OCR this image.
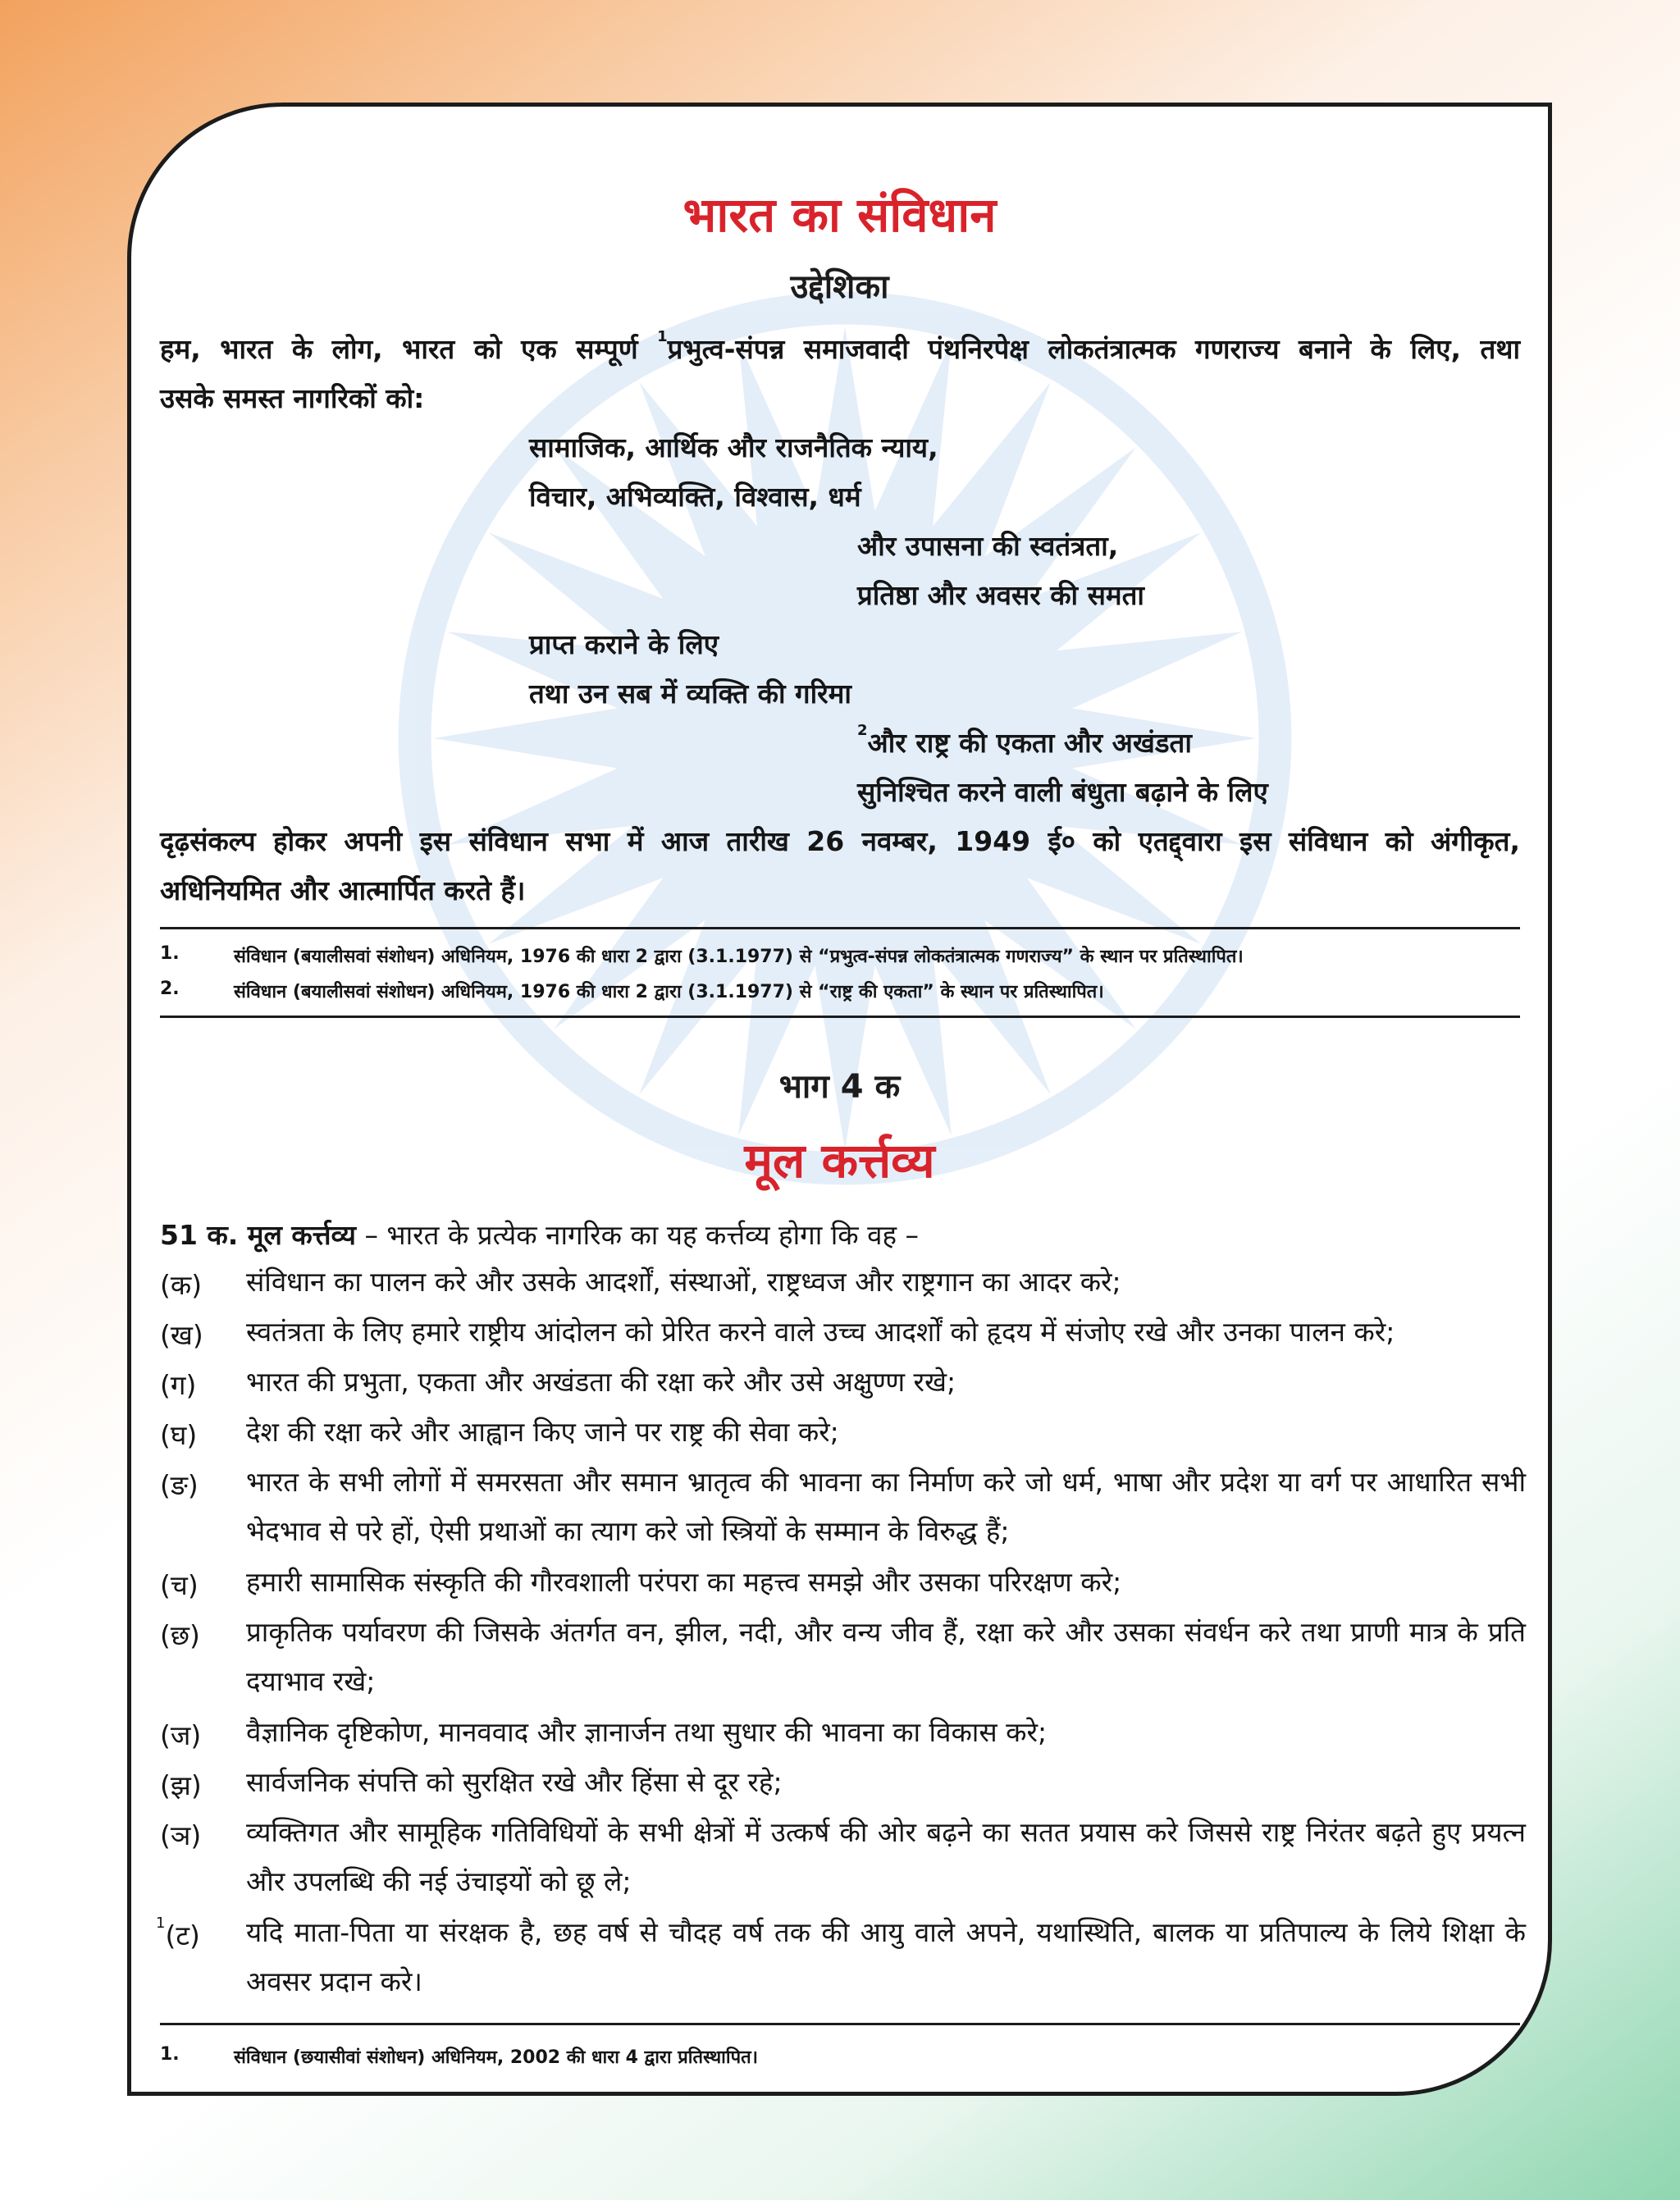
भारत का संविधान
उद्देशिका
हम, भारत के लोग, भारत को एक सम्पूर्ण $^1$प्रभुत्व-संपन्न समाजवादी पंथनिरपेक्ष लोकतंत्रात्मक गणराज्य बनाने के लिए, तथा
उसके समस्त नागरिकों को:
सामाजिक, आर्थिक और राजनैतिक न्याय,
विचार, अभिव्यक्ति, विश्वास, धर्म
और उपासना की स्वतंत्रता,
प्रतिष्ठा और अवसर की समता
प्राप्त कराने के लिए
तथा उन सब में व्यक्ति की गरिमा
$^2$और राष्ट्र की एकता और अखंडता
सुनिश्चित करने वाली बंधुता बढ़ाने के लिए
दृढ़संकल्प होकर अपनी इस संविधान सभा में आज तारीख 26 नवम्बर, 1949 ई० को एतद्द्वारा इस संविधान को अंगीकृत,
अधिनियमित और आत्मार्पित करते हैं।
1.	संविधान (बयालीसवां संशोधन) अधिनियम, 1976 की धारा 2 द्वारा (3.1.1977) से “प्रभुत्व-संपन्न लोकतंत्रात्मक गणराज्य” के स्थान पर प्रतिस्थापित।
2.	संविधान (बयालीसवां संशोधन) अधिनियम, 1976 की धारा 2 द्वारा (3.1.1977) से “राष्ट्र की एकता” के स्थान पर प्रतिस्थापित।
भाग 4 क
मूल कर्त्तव्य
51 क. मूल कर्त्तव्य – भारत के प्रत्येक नागरिक का यह कर्त्तव्य होगा कि वह –
(क) संविधान का पालन करे और उसके आदर्शों, संस्थाओं, राष्ट्रध्वज और राष्ट्रगान का आदर करे;
(ख) स्वतंत्रता के लिए हमारे राष्ट्रीय आंदोलन को प्रेरित करने वाले उच्च आदर्शों को हृदय में संजोए रखे और उनका पालन करे;
(ग) भारत की प्रभुता, एकता और अखंडता की रक्षा करे और उसे अक्षुण्ण रखे;
(घ) देश की रक्षा करे और आह्वान किए जाने पर राष्ट्र की सेवा करे;
(ङ) भारत के सभी लोगों में समरसता और समान भ्रातृत्व की भावना का निर्माण करे जो धर्म, भाषा और प्रदेश या वर्ग पर आधारित सभी
भेदभाव से परे हों, ऐसी प्रथाओं का त्याग करे जो स्त्रियों के सम्मान के विरुद्ध हैं;
(च) हमारी सामासिक संस्कृति की गौरवशाली परंपरा का महत्त्व समझे और उसका परिरक्षण करे;
(छ) प्राकृतिक पर्यावरण की जिसके अंतर्गत वन, झील, नदी, और वन्य जीव हैं, रक्षा करे और उसका संवर्धन करे तथा प्राणी मात्र के प्रति
दयाभाव रखे;
(ज) वैज्ञानिक दृष्टिकोण, मानववाद और ज्ञानार्जन तथा सुधार की भावना का विकास करे;
(झ) सार्वजनिक संपत्ति को सुरक्षित रखे और हिंसा से दूर रहे;
(ञ) व्यक्तिगत और सामूहिक गतिविधियों के सभी क्षेत्रों में उत्कर्ष की ओर बढ़ने का सतत प्रयास करे जिससे राष्ट्र निरंतर बढ़ते हुए प्रयत्न
और उपलब्धि की नई उंचाइयों को छू ले;
$^1$(ट) यदि माता-पिता या संरक्षक है, छह वर्ष से चौदह वर्ष तक की आयु वाले अपने, यथास्थिति, बालक या प्रतिपाल्य के लिये शिक्षा के
अवसर प्रदान करे।
1.	संविधान (छयासीवां संशोधन) अधिनियम, 2002 की धारा 4 द्वारा प्रतिस्थापित।
